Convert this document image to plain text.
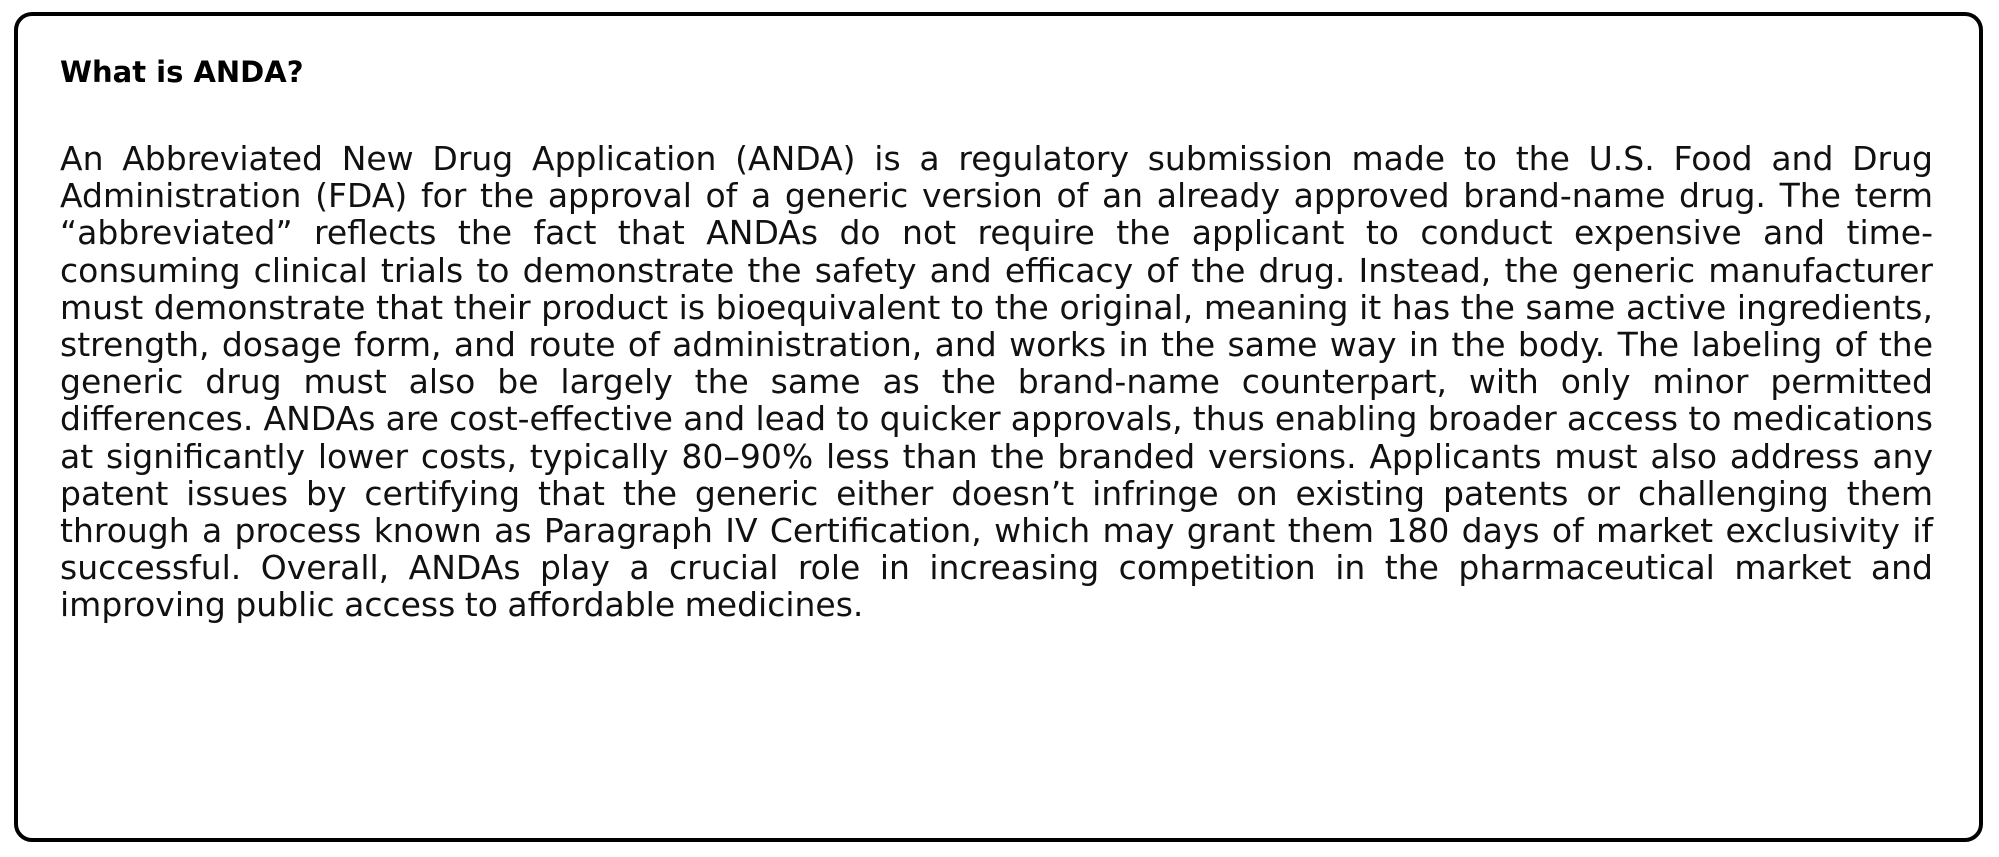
What is ANDA?

An Abbreviated New Drug Application (ANDA) is a regulatory submission made to the U.S. Food and Drug Administration (FDA) for the approval of a generic version of an already approved brand-name drug. The term “abbreviated” reflects the fact that ANDAs do not require the applicant to conduct expensive and time-consuming clinical trials to demonstrate the safety and efficacy of the drug. Instead, the generic manufacturer must demonstrate that their product is bioequivalent to the original, meaning it has the same active ingredients, strength, dosage form, and route of administration, and works in the same way in the body. The labeling of the generic drug must also be largely the same as the brand-name counterpart, with only minor permitted differences. ANDAs are cost-effective and lead to quicker approvals, thus enabling broader access to medications at significantly lower costs, typically 80–90% less than the branded versions. Applicants must also address any patent issues by certifying that the generic either doesn’t infringe on existing patents or challenging them through a process known as Paragraph IV Certification, which may grant them 180 days of market exclusivity if successful. Overall, ANDAs play a crucial role in increasing competition in the pharmaceutical market and improving public access to affordable medicines.
